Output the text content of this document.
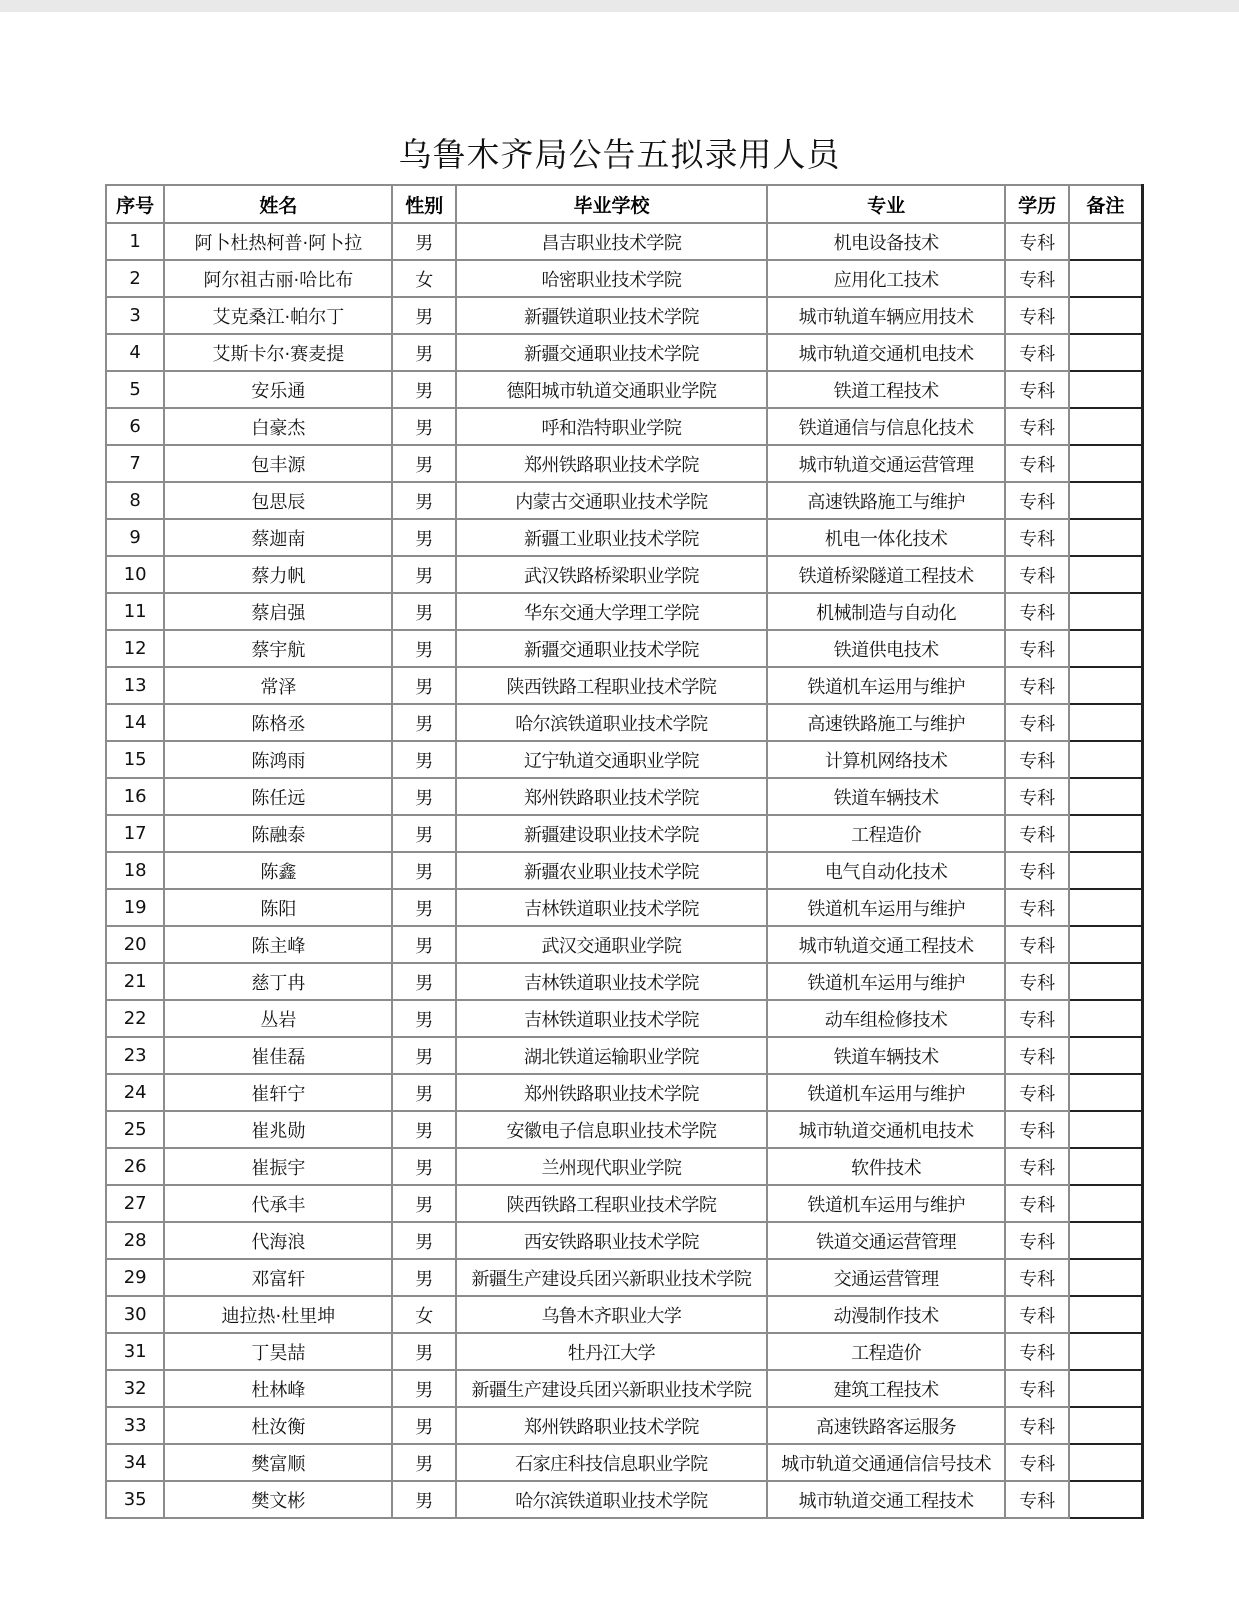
乌鲁木齐局公告五拟录用人员
序号	姓名	性别	毕业学校	专业	学历	备注
1	阿卜杜热柯普·阿卜拉	男	昌吉职业技术学院	机电设备技术	专科	
2	阿尔祖古丽·哈比布	女	哈密职业技术学院	应用化工技术	专科	
3	艾克桑江·帕尔丁	男	新疆铁道职业技术学院	城市轨道车辆应用技术	专科	
4	艾斯卡尔·赛麦提	男	新疆交通职业技术学院	城市轨道交通机电技术	专科	
5	安乐通	男	德阳城市轨道交通职业学院	铁道工程技术	专科	
6	白豪杰	男	呼和浩特职业学院	铁道通信与信息化技术	专科	
7	包丰源	男	郑州铁路职业技术学院	城市轨道交通运营管理	专科	
8	包思辰	男	内蒙古交通职业技术学院	高速铁路施工与维护	专科	
9	蔡迦南	男	新疆工业职业技术学院	机电一体化技术	专科	
10	蔡力帆	男	武汉铁路桥梁职业学院	铁道桥梁隧道工程技术	专科	
11	蔡启强	男	华东交通大学理工学院	机械制造与自动化	专科	
12	蔡宇航	男	新疆交通职业技术学院	铁道供电技术	专科	
13	常泽	男	陕西铁路工程职业技术学院	铁道机车运用与维护	专科	
14	陈格丞	男	哈尔滨铁道职业技术学院	高速铁路施工与维护	专科	
15	陈鸿雨	男	辽宁轨道交通职业学院	计算机网络技术	专科	
16	陈任远	男	郑州铁路职业技术学院	铁道车辆技术	专科	
17	陈融泰	男	新疆建设职业技术学院	工程造价	专科	
18	陈鑫	男	新疆农业职业技术学院	电气自动化技术	专科	
19	陈阳	男	吉林铁道职业技术学院	铁道机车运用与维护	专科	
20	陈主峰	男	武汉交通职业学院	城市轨道交通工程技术	专科	
21	慈丁冉	男	吉林铁道职业技术学院	铁道机车运用与维护	专科	
22	丛岩	男	吉林铁道职业技术学院	动车组检修技术	专科	
23	崔佳磊	男	湖北铁道运输职业学院	铁道车辆技术	专科	
24	崔轩宁	男	郑州铁路职业技术学院	铁道机车运用与维护	专科	
25	崔兆勋	男	安徽电子信息职业技术学院	城市轨道交通机电技术	专科	
26	崔振宇	男	兰州现代职业学院	软件技术	专科	
27	代承丰	男	陕西铁路工程职业技术学院	铁道机车运用与维护	专科	
28	代海浪	男	西安铁路职业技术学院	铁道交通运营管理	专科	
29	邓富轩	男	新疆生产建设兵团兴新职业技术学院	交通运营管理	专科	
30	迪拉热·杜里坤	女	乌鲁木齐职业大学	动漫制作技术	专科	
31	丁昊喆	男	牡丹江大学	工程造价	专科	
32	杜林峰	男	新疆生产建设兵团兴新职业技术学院	建筑工程技术	专科	
33	杜汝衡	男	郑州铁路职业技术学院	高速铁路客运服务	专科	
34	樊富顺	男	石家庄科技信息职业学院	城市轨道交通通信信号技术	专科	
35	樊文彬	男	哈尔滨铁道职业技术学院	城市轨道交通工程技术	专科	
